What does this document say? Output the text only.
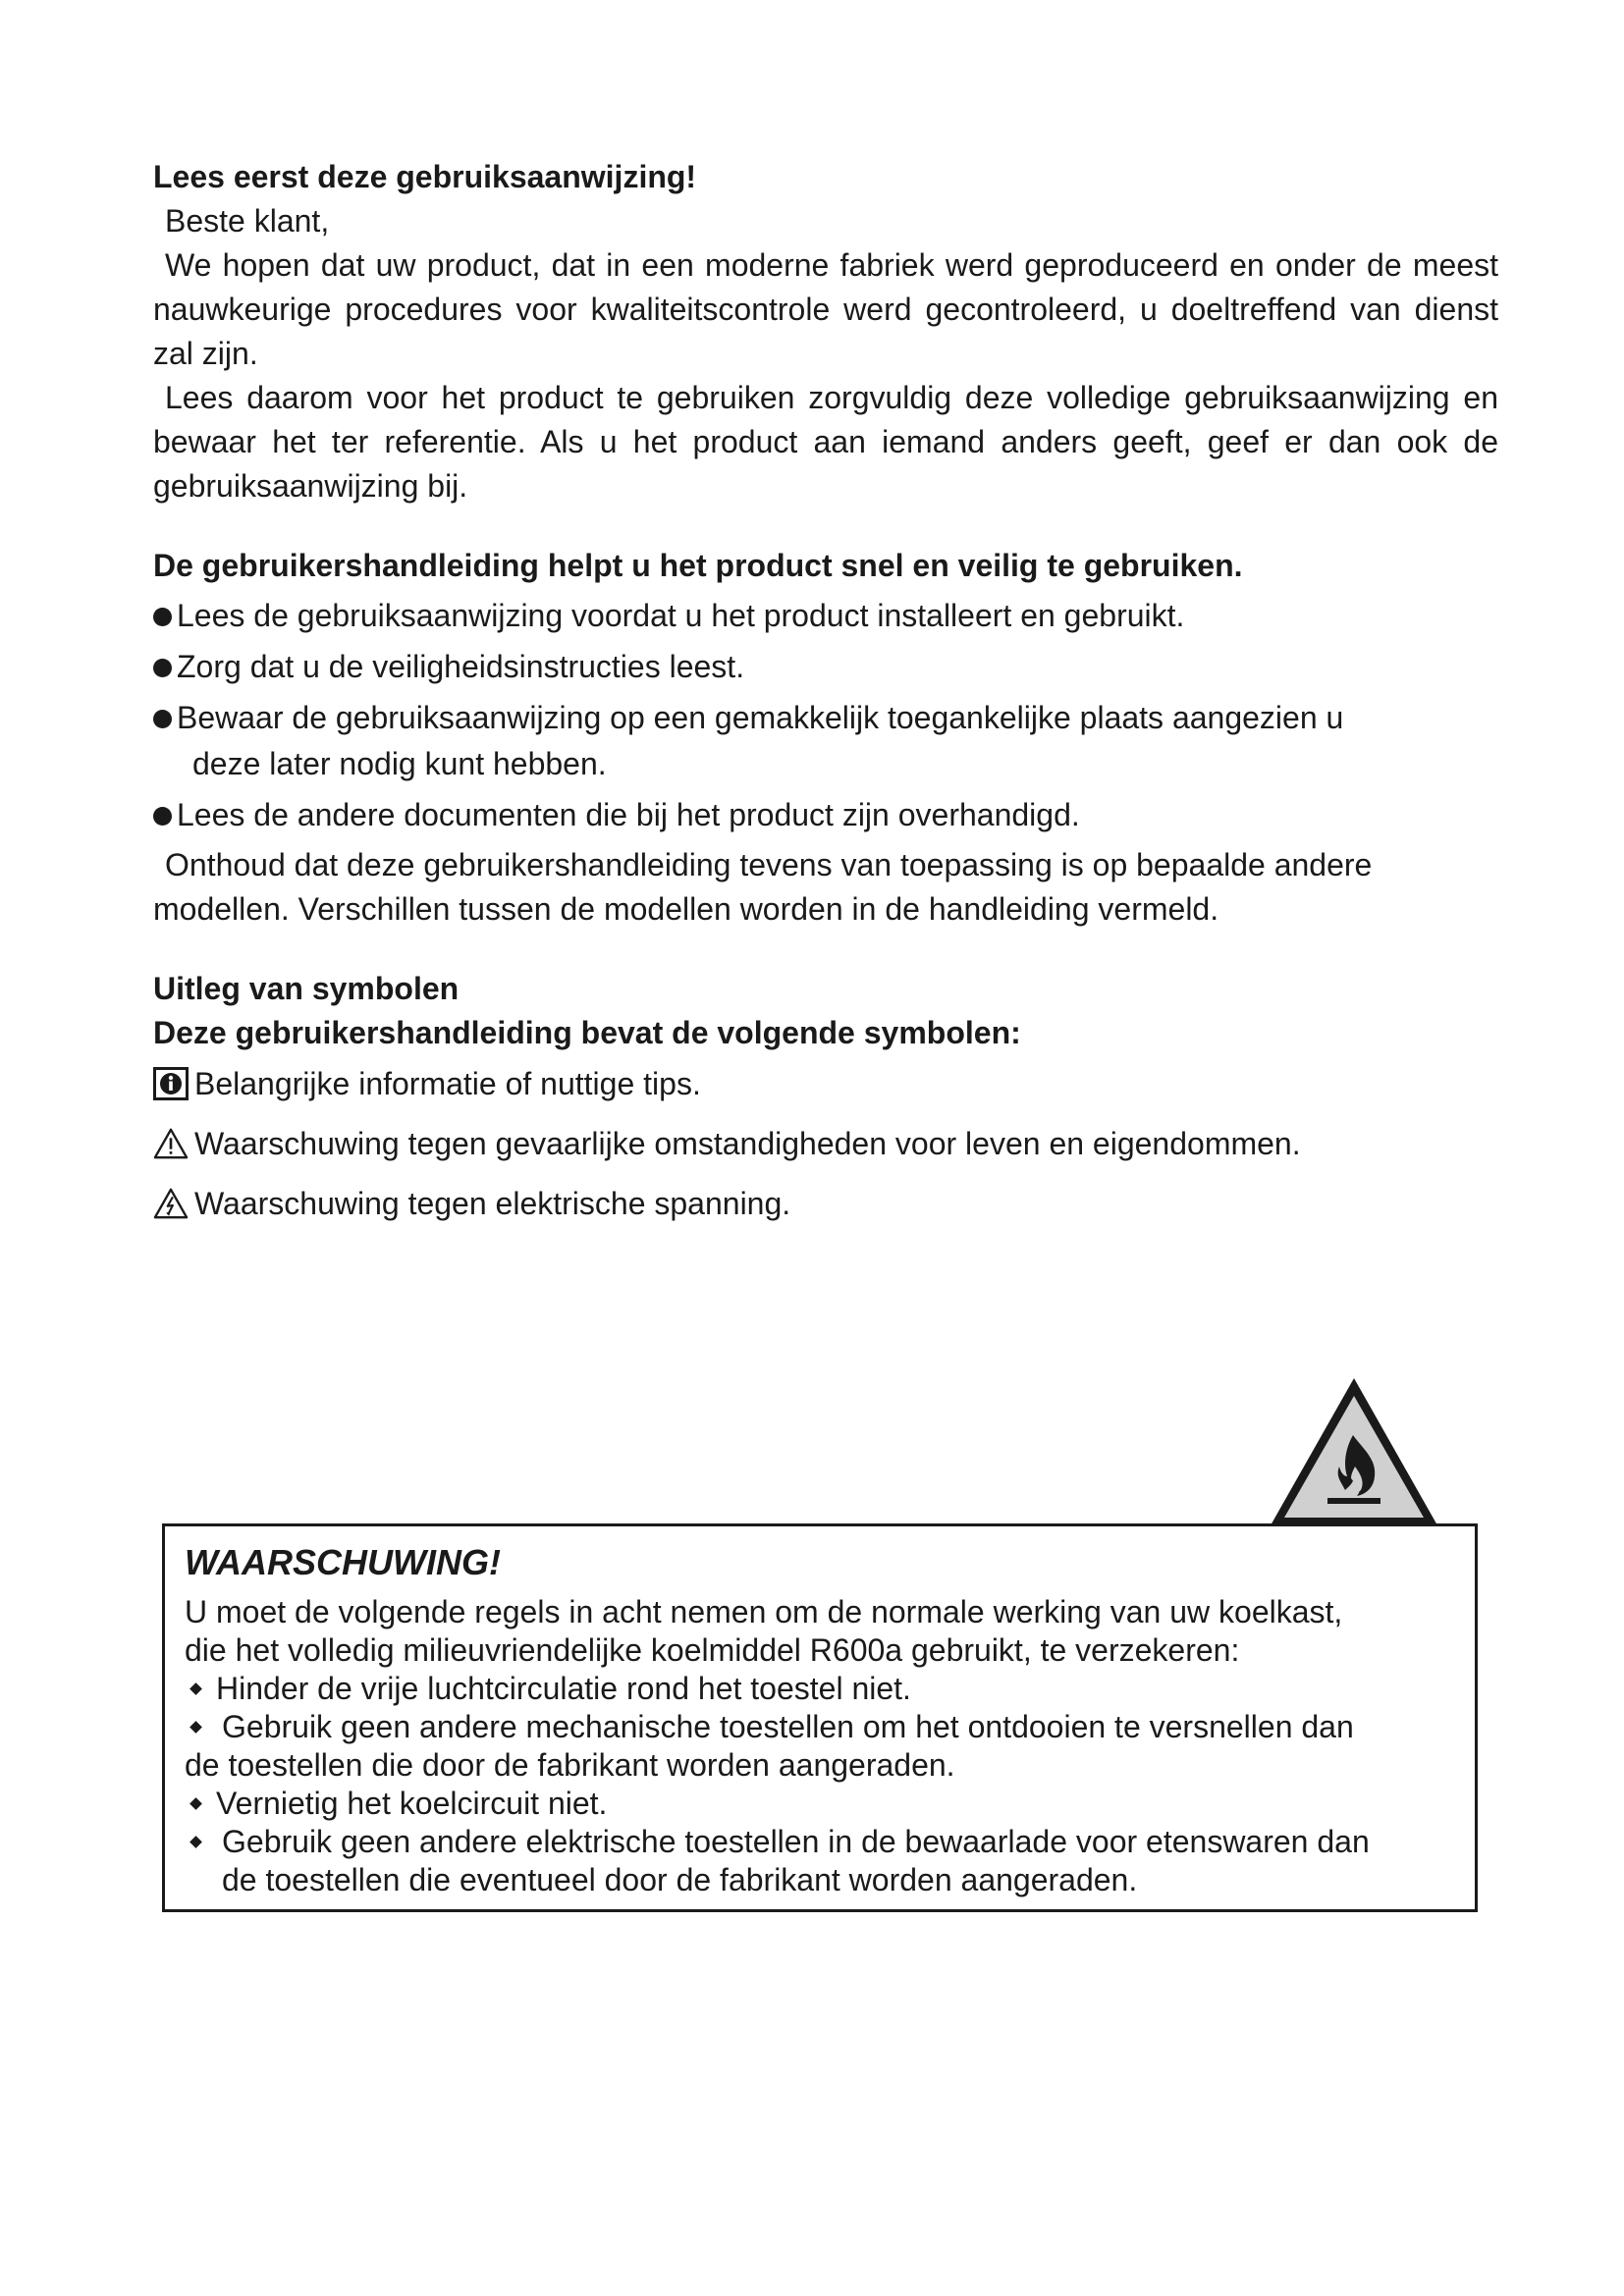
Lees eerst deze gebruiksaanwijzing!

Beste klant,

We hopen dat uw product, dat in een moderne fabriek werd geproduceerd en onder de meest nauwkeurige procedures voor kwaliteitscontrole werd gecontroleerd, u doeltreffend van dienst zal zijn.

Lees daarom voor het product te gebruiken zorgvuldig deze volledige gebruiksaanwijzing en bewaar het ter referentie. Als u het product aan iemand anders geeft, geef er dan ook de gebruiksaanwijzing bij.

De gebruikershandleiding helpt u het product snel en veilig te gebruiken.

Lees de gebruiksaanwijzing voordat u het product installeert en gebruikt.
Zorg dat u de veiligheidsinstructies leest.
Bewaar de gebruiksaanwijzing op een gemakkelijk toegankelijke plaats aangezien u
deze later nodig kunt hebben.
Lees de andere documenten die bij het product zijn overhandigd.

Onthoud dat deze gebruikershandleiding tevens van toepassing is op bepaalde andere modellen. Verschillen tussen de modellen worden in de handleiding vermeld.

Uitleg van symbolen

Deze gebruikershandleiding bevat de volgende symbolen:

Belangrijke informatie of nuttige tips.
Waarschuwing tegen gevaarlijke omstandigheden voor leven en eigendommen.
Waarschuwing tegen elektrische spanning.

WAARSCHUWING!

U moet de volgende regels in acht nemen om de normale werking van uw koelkast,

die het volledig milieuvriendelijke koelmiddel R600a gebruikt, te verzekeren:

Hinder de vrije luchtcirculatie rond het toestel niet.
Gebruik geen andere mechanische toestellen om het ontdooien te versnellen dan
de toestellen die door de fabrikant worden aangeraden.
Vernietig het koelcircuit niet.
Gebruik geen andere elektrische toestellen in de bewaarlade voor etenswaren dan
de toestellen die eventueel door de fabrikant worden aangeraden.
